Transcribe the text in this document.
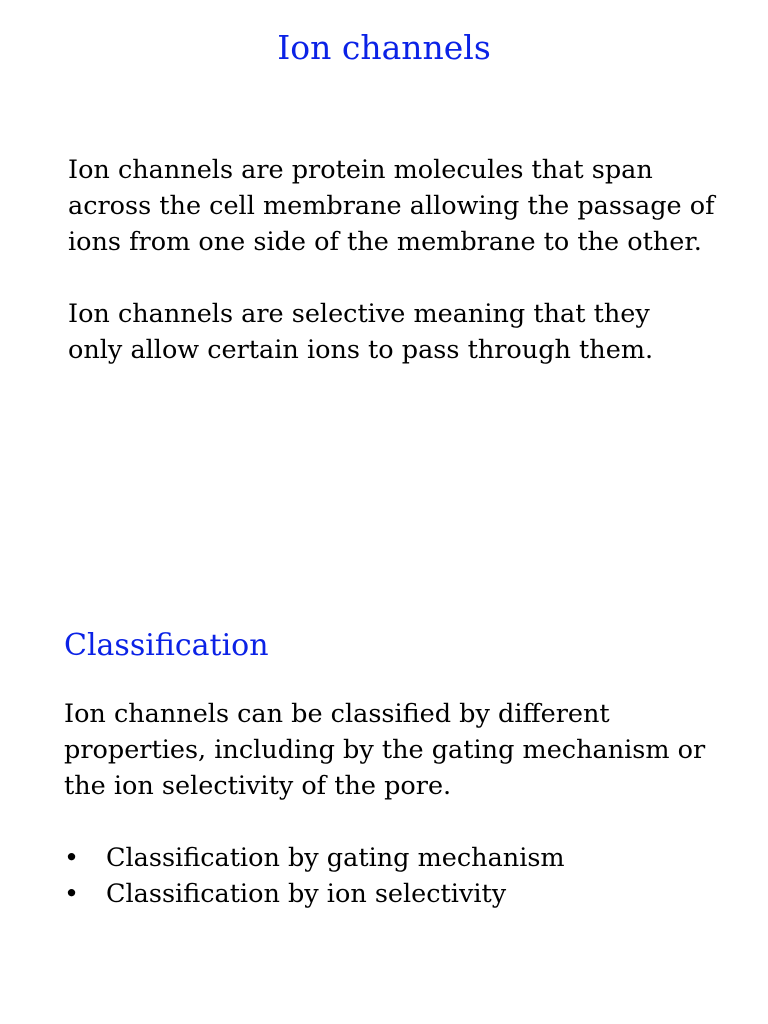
Ion channels

Ion channels are protein molecules that span
across the cell membrane allowing the passage of
ions from one side of the membrane to the other.

Ion channels are selective meaning that they
only allow certain ions to pass through them.

Classification

Ion channels can be classified by different
properties, including by the gating mechanism or
the ion selectivity of the pore.

•	Classification by gating mechanism
•	Classification by ion selectivity
